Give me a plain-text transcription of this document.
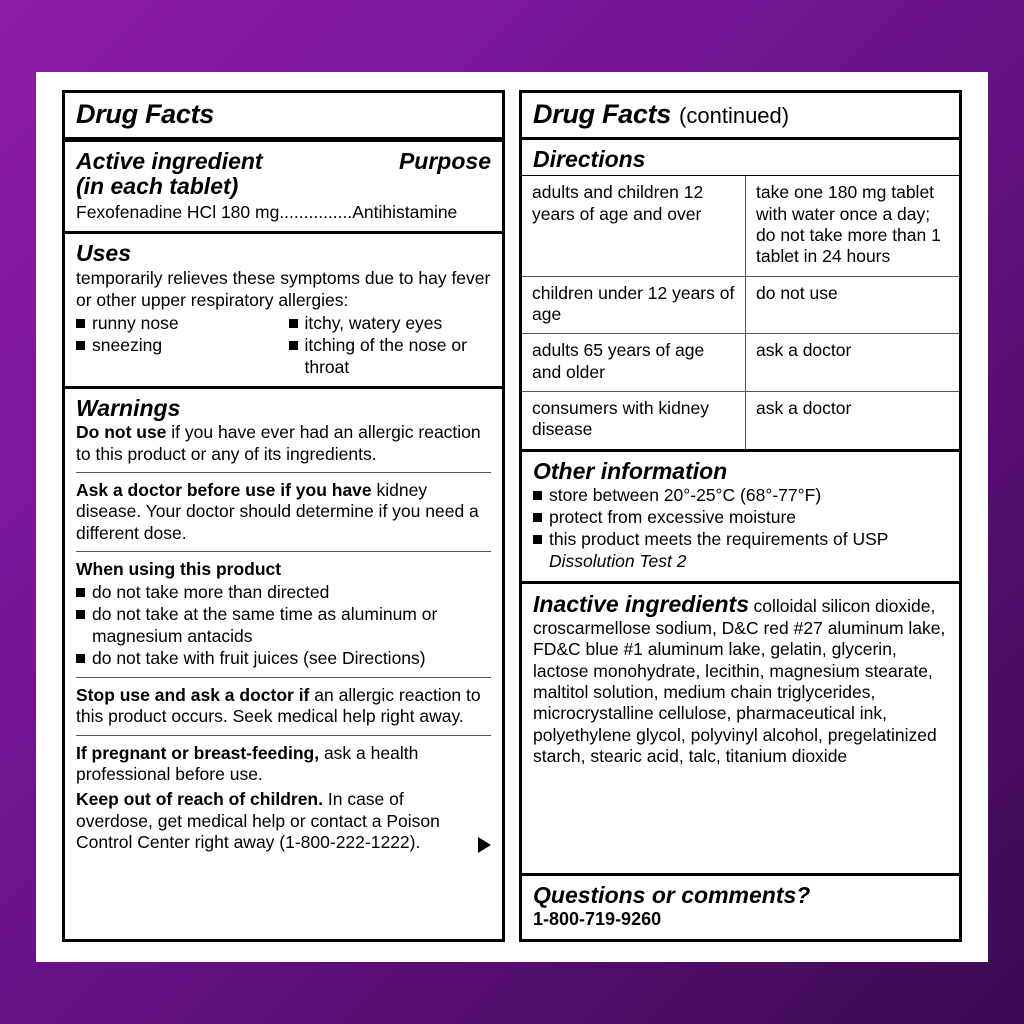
Drug Facts
Active ingredient	Purpose
(in each tablet)
Fexofenadine HCl 180 mg...............Antihistamine
Uses
temporarily relieves these symptoms due to hay fever or other upper respiratory allergies:
runny nose
sneezing
itchy, watery eyes
itching of the nose or throat
Warnings
Do not use if you have ever had an allergic reaction to this product or any of its ingredients.
Ask a doctor before use if you have kidney disease. Your doctor should determine if you need a different dose.
When using this product
do not take more than directed
do not take at the same time as aluminum or magnesium antacids
do not take with fruit juices (see Directions)
Stop use and ask a doctor if an allergic reaction to this product occurs. Seek medical help right away.
If pregnant or breast-feeding, ask a health professional before use.
Keep out of reach of children. In case of overdose, get medical help or contact a Poison Control Center right away (1-800-222-1222).
Drug Facts (continued)
Directions
adults and children 12 years of age and over	take one 180 mg tablet with water once a day; do not take more than 1 tablet in 24 hours
children under 12 years of age	do not use
adults 65 years of age and older	ask a doctor
consumers with kidney disease	ask a doctor
Other information
store between 20°-25°C (68°-77°F)
protect from excessive moisture
this product meets the requirements of USP Dissolution Test 2
Inactive ingredients colloidal silicon dioxide, croscarmellose sodium, D&C red #27 aluminum lake, FD&C blue #1 aluminum lake, gelatin, glycerin, lactose monohydrate, lecithin, magnesium stearate, maltitol solution, medium chain triglycerides, microcrystalline cellulose, pharmaceutical ink, polyethylene glycol, polyvinyl alcohol, pregelatinized starch, stearic acid, talc, titanium dioxide
Questions or comments?
1-800-719-9260
